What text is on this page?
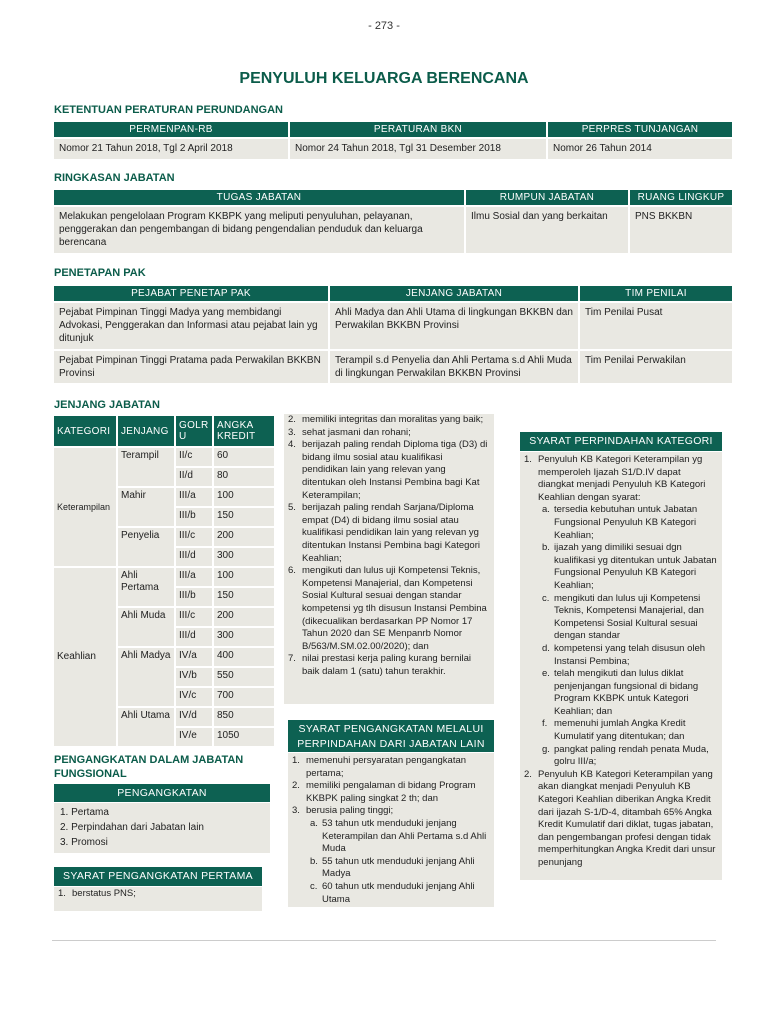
- 273 -
PENYULUH KELUARGA BERENCANA
KETENTUAN PERATURAN PERUNDANGAN
PERMENPAN-RB	PERATURAN BKN	PERPRES TUNJANGAN
Nomor 21 Tahun 2018, Tgl 2 April 2018	Nomor 24 Tahun 2018, Tgl 31 Desember 2018	Nomor 26 Tahun 2014
RINGKASAN JABATAN
TUGAS JABATAN	RUMPUN JABATAN	RUANG LINGKUP
Melakukan pengelolaan Program KKBPK yang meliputi penyuluhan, pelayanan, penggerakan dan pengembangan di bidang pengendalian penduduk dan keluarga berencana	Ilmu Sosial dan yang berkaitan	PNS BKKBN
PENETAPAN PAK
PEJABAT PENETAP PAK	JENJANG JABATAN	TIM PENILAI
Pejabat Pimpinan Tinggi Madya yang membidangi Advokasi, Penggerakan dan Informasi atau pejabat lain yg ditunjuk	Ahli Madya dan Ahli Utama di lingkungan BKKBN dan Perwakilan BKKBN Provinsi	Tim Penilai Pusat
Pejabat Pimpinan Tinggi Pratama pada Perwakilan BKKBN Provinsi	Terampil s.d Penyelia dan Ahli Pertama s.d Ahli Muda di lingkungan Perwakilan BKKBN Provinsi	Tim Penilai Perwakilan
JENJANG JABATAN
KATEGORI	JENJANG	GOLR U	ANGKA KREDIT
Keterampilan	Terampil	II/c	60
		II/d	80
	Mahir	III/a	100
		III/b	150
	Penyelia	III/c	200
		III/d	300
Keahlian	Ahli Pertama	III/a	100
		III/b	150
	Ahli Muda	III/c	200
		III/d	300
	Ahli Madya	IV/a	400
		IV/b	550
		IV/c	700
	Ahli Utama	IV/d	850
		IV/e	1050
PENGANGKATAN DALAM JABATAN FUNGSIONAL
PENGANGKATAN
1. Pertama
2. Perpindahan dari Jabatan lain
3. Promosi
SYARAT PENGANGKATAN PERTAMA
1. berstatus PNS;
2. memiliki integritas dan moralitas yang baik;
3. sehat jasmani dan rohani;
4. berijazah paling rendah Diploma tiga (D3) di bidang ilmu sosial atau kualifikasi pendidikan lain yang relevan yang ditentukan oleh Instansi Pembina bagi Kat Keterampilan;
5. berijazah paling rendah Sarjana/Diploma empat (D4) di bidang ilmu sosial atau kualifikasi pendidikan lain yang relevan yg ditentukan Instansi Pembina bagi Kategori Keahlian;
6. mengikuti dan lulus uji Kompetensi Teknis, Kompetensi Manajerial, dan Kompetensi Sosial Kultural sesuai dengan standar kompetensi yg tlh disusun Instansi Pembina (dikecualikan berdasarkan PP Nomor 17 Tahun 2020 dan SE Menpanrb Nomor B/563/M.SM.02.00/2020); dan
7. nilai prestasi kerja paling kurang bernilai baik dalam 1 (satu) tahun terakhir.
SYARAT PENGANGKATAN MELALUI PERPINDAHAN DARI JABATAN LAIN
1. memenuhi persyaratan pengangkatan pertama;
2. memiliki pengalaman di bidang Program KKBPK paling singkat 2 th; dan
3. berusia paling tinggi;
a. 53 tahun utk menduduki jenjang Keterampilan dan Ahli Pertama s.d Ahli Muda
b. 55 tahun utk menduduki jenjang Ahli Madya
c. 60 tahun utk menduduki jenjang Ahli Utama
SYARAT PERPINDAHAN KATEGORI
1. Penyuluh KB Kategori Keterampilan yg memperoleh Ijazah S1/D.IV dapat diangkat menjadi Penyuluh KB Kategori Keahlian dengan syarat:
a. tersedia kebutuhan untuk Jabatan Fungsional Penyuluh KB Kategori Keahlian;
b. ijazah yang dimiliki sesuai dgn kualifikasi yg ditentukan untuk Jabatan Fungsional Penyuluh KB Kategori Keahlian;
c. mengikuti dan lulus uji Kompetensi Teknis, Kompetensi Manajerial, dan Kompetensi Sosial Kultural sesuai dengan standar
d. kompetensi yang telah disusun oleh Instansi Pembina;
e. telah mengikuti dan lulus diklat penjenjangan fungsional di bidang Program KKBPK untuk Kategori Keahlian; dan
f. memenuhi jumlah Angka Kredit Kumulatif yang ditentukan; dan
g. pangkat paling rendah penata Muda, golru III/a;
2. Penyuluh KB Kategori Keterampilan yang akan diangkat menjadi Penyuluh KB Kategori Keahlian diberikan Angka Kredit dari ijazah S-1/D-4, ditambah 65% Angka Kredit Kumulatif dari diklat, tugas jabatan, dan pengembangan profesi dengan tidak memperhitungkan Angka Kredit dari unsur penunjang
